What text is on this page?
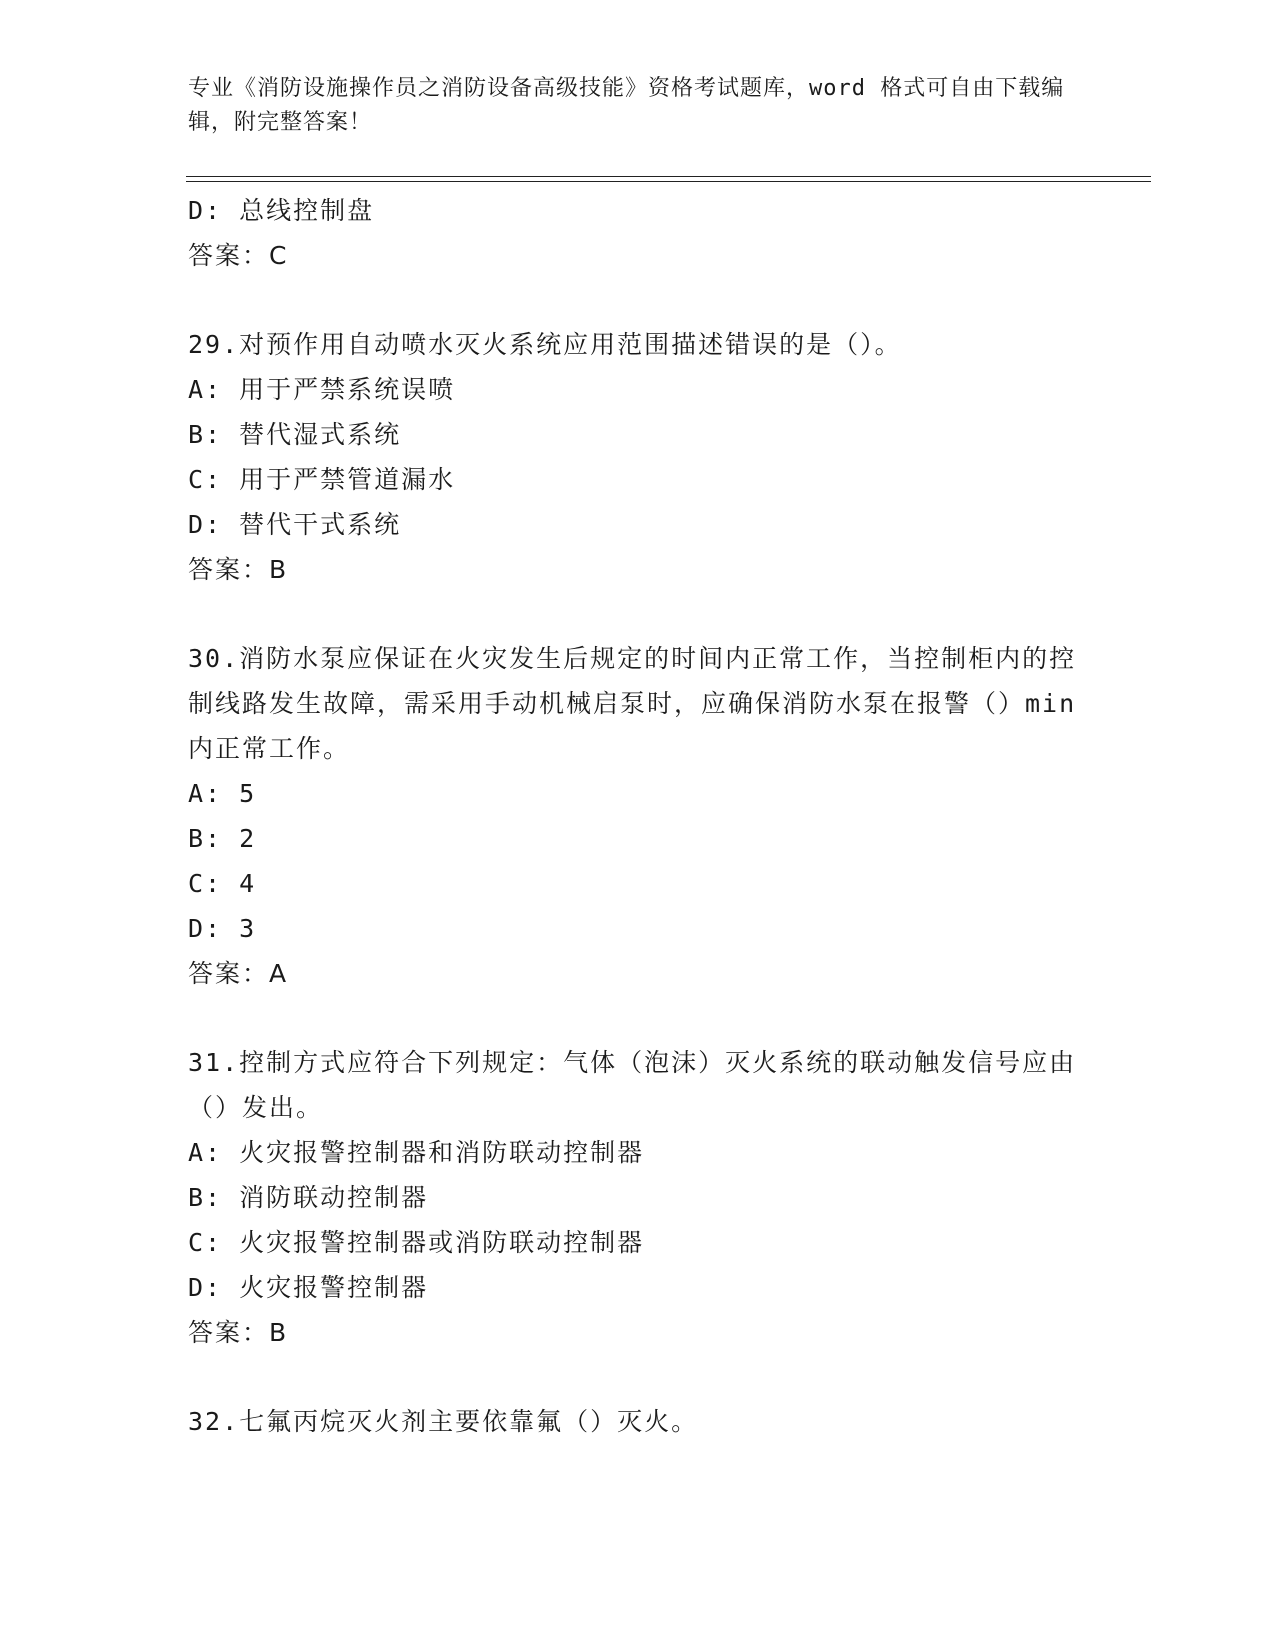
专业《消防设施操作员之消防设备高级技能》资格考试题库，word 格式可自由下载编辑，附完整答案！
D: 总线控制盘
答案：C
29.对预作用自动喷水灭火系统应用范围描述错误的是（）。
A: 用于严禁系统误喷
B: 替代湿式系统
C: 用于严禁管道漏水
D: 替代干式系统
答案：B
30.消防水泵应保证在火灾发生后规定的时间内正常工作，当控制柜内的控制线路发生故障，需采用手动机械启泵时，应确保消防水泵在报警（）min 内正常工作。
A: 5
B: 2
C: 4
D: 3
答案：A
31.控制方式应符合下列规定：气体（泡沫）灭火系统的联动触发信号应由（）发出。
A: 火灾报警控制器和消防联动控制器
B: 消防联动控制器
C: 火灾报警控制器或消防联动控制器
D: 火灾报警控制器
答案：B
32.七氟丙烷灭火剂主要依靠氟（）灭火。
